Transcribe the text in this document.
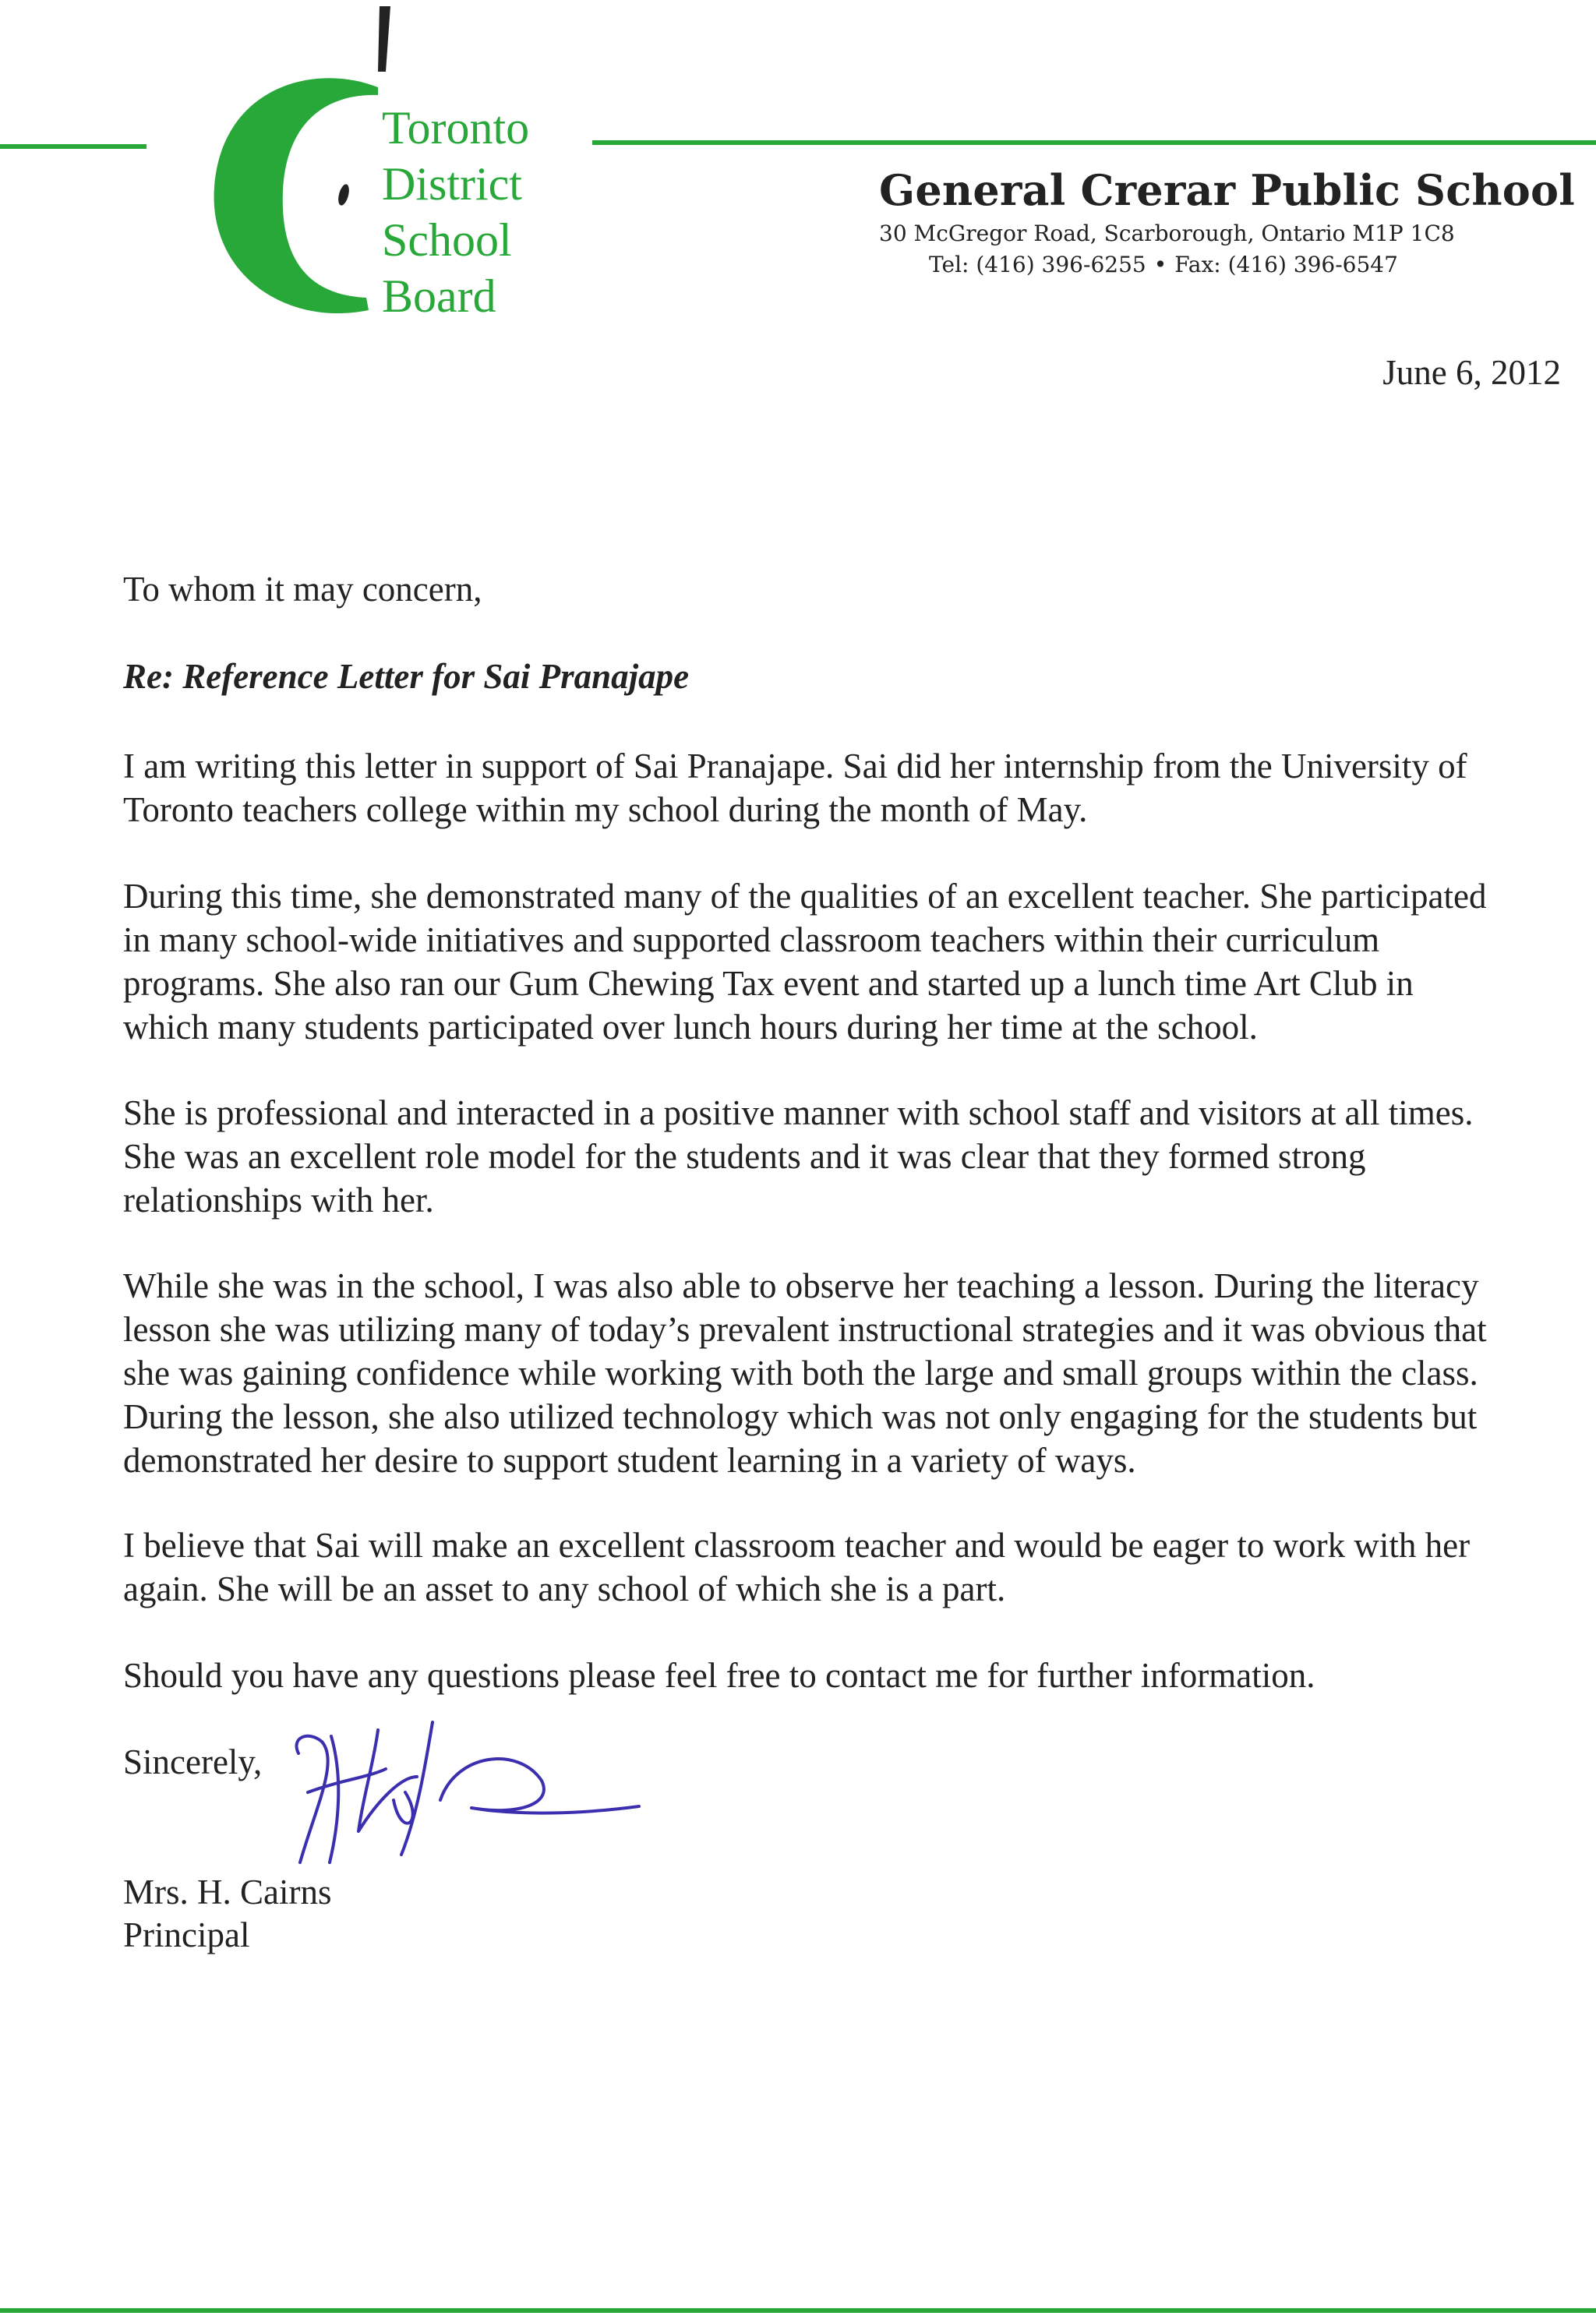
Toronto
District
School
Board
General Crerar Public School
30 McGregor Road, Scarborough, Ontario M1P 1C8
Tel: (416) 396-6255 • Fax: (416) 396-6547
June 6, 2012
To whom it may concern,
Re: Reference Letter for Sai Pranajape
I am writing this letter in support of Sai Pranajape. Sai did her internship from the University of
Toronto teachers college within my school during the month of May.
During this time, she demonstrated many of the qualities of an excellent teacher. She participated
in many school-wide initiatives and supported classroom teachers within their curriculum
programs. She also ran our Gum Chewing Tax event and started up a lunch time Art Club in
which many students participated over lunch hours during her time at the school.
She is professional and interacted in a positive manner with school staff and visitors at all times.
She was an excellent role model for the students and it was clear that they formed strong
relationships with her.
While she was in the school, I was also able to observe her teaching a lesson. During the literacy
lesson she was utilizing many of today’s prevalent instructional strategies and it was obvious that
she was gaining confidence while working with both the large and small groups within the class.
During the lesson, she also utilized technology which was not only engaging for the students but
demonstrated her desire to support student learning in a variety of ways.
I believe that Sai will make an excellent classroom teacher and would be eager to work with her
again. She will be an asset to any school of which she is a part.
Should you have any questions please feel free to contact me for further information.
Sincerely,
Mrs. H. Cairns
Principal
